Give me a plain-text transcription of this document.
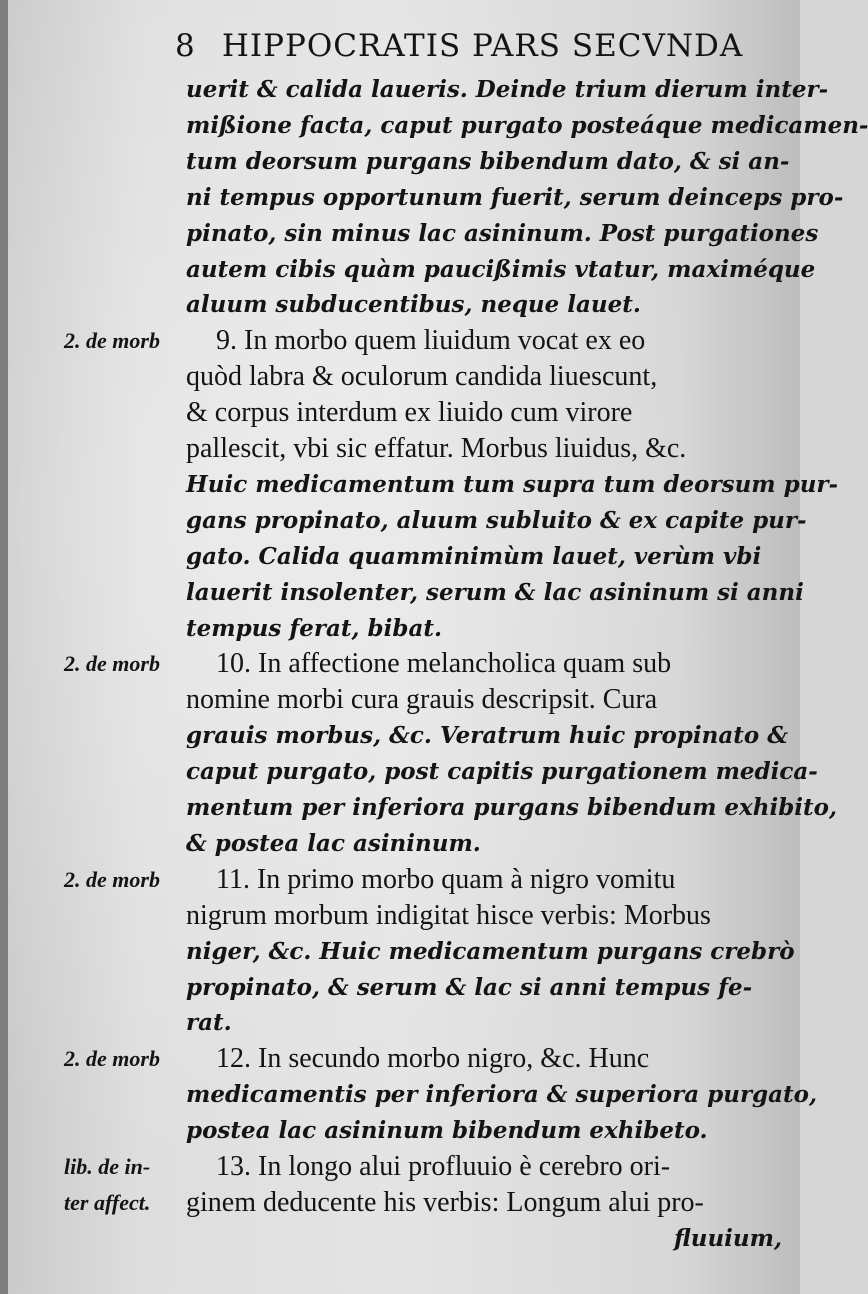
8 HIPPOCRATIS PARS SECVNDA
uerit & calida laueris. Deinde trium dierum inter-
mißione facta, caput purgato posteáque medicamen-
tum deorsum purgans bibendum dato, & si an-
ni tempus opportunum fuerit, serum deinceps pro-
pinato, sin minus lac asininum. Post purgationes
autem cibis quàm paucißimis vtatur, maximéque
aluum subducentibus, neque lauet.
9. In morbo quem liuidum vocat ex eo
quòd labra & oculorum candida liuescunt,
& corpus interdum ex liuido cum virore
pallescit, vbi sic effatur. Morbus liuidus, &c.
Huic medicamentum tum supra tum deorsum pur-
gans propinato, aluum subluito & ex capite pur-
gato. Calida quamminimùm lauet, verùm vbi
lauerit insolenter, serum & lac asininum si anni
tempus ferat, bibat.
10. In affectione melancholica quam sub
nomine morbi cura grauis descripsit. Cura
grauis morbus, &c. Veratrum huic propinato &
caput purgato, post capitis purgationem medica-
mentum per inferiora purgans bibendum exhibito,
& postea lac asininum.
11. In primo morbo quam à nigro vomitu
nigrum morbum indigitat hisce verbis: Morbus
niger, &c. Huic medicamentum purgans crebrò
propinato, & serum & lac si anni tempus fe-
rat.
12. In secundo morbo nigro, &c. Hunc
medicamentis per inferiora & superiora purgato,
postea lac asininum bibendum exhibeto.
13. In longo alui profluuio è cerebro ori-
ginem deducente his verbis: Longum alui pro-
fluuium,
2. de morb
2. de morb
2. de morb
2. de morb
lib. de in-
ter affect.
